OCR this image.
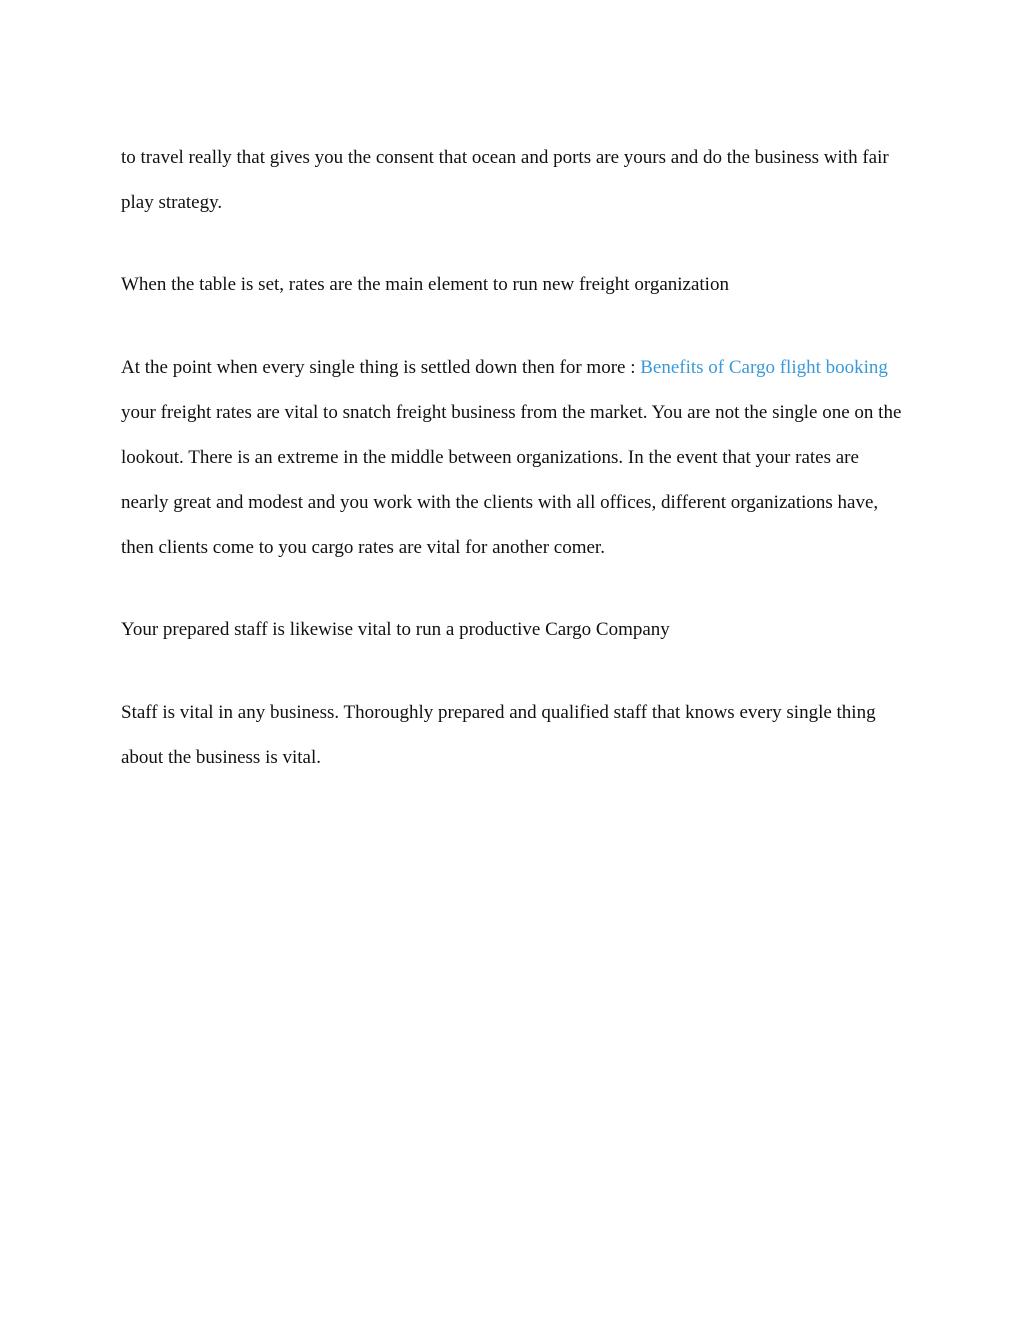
to travel really that gives you the consent that ocean and ports are yours and do the business with fair play strategy.

When the table is set, rates are the main element to run new freight organization

At the point when every single thing is settled down then for more : Benefits of Cargo flight booking your freight rates are vital to snatch freight business from the market. You are not the single one on the lookout. There is an extreme in the middle between organizations. In the event that your rates are nearly great and modest and you work with the clients with all offices, different organizations have, then clients come to you cargo rates are vital for another comer.

Your prepared staff is likewise vital to run a productive Cargo Company

Staff is vital in any business. Thoroughly prepared and qualified staff that knows every single thing about the business is vital.
